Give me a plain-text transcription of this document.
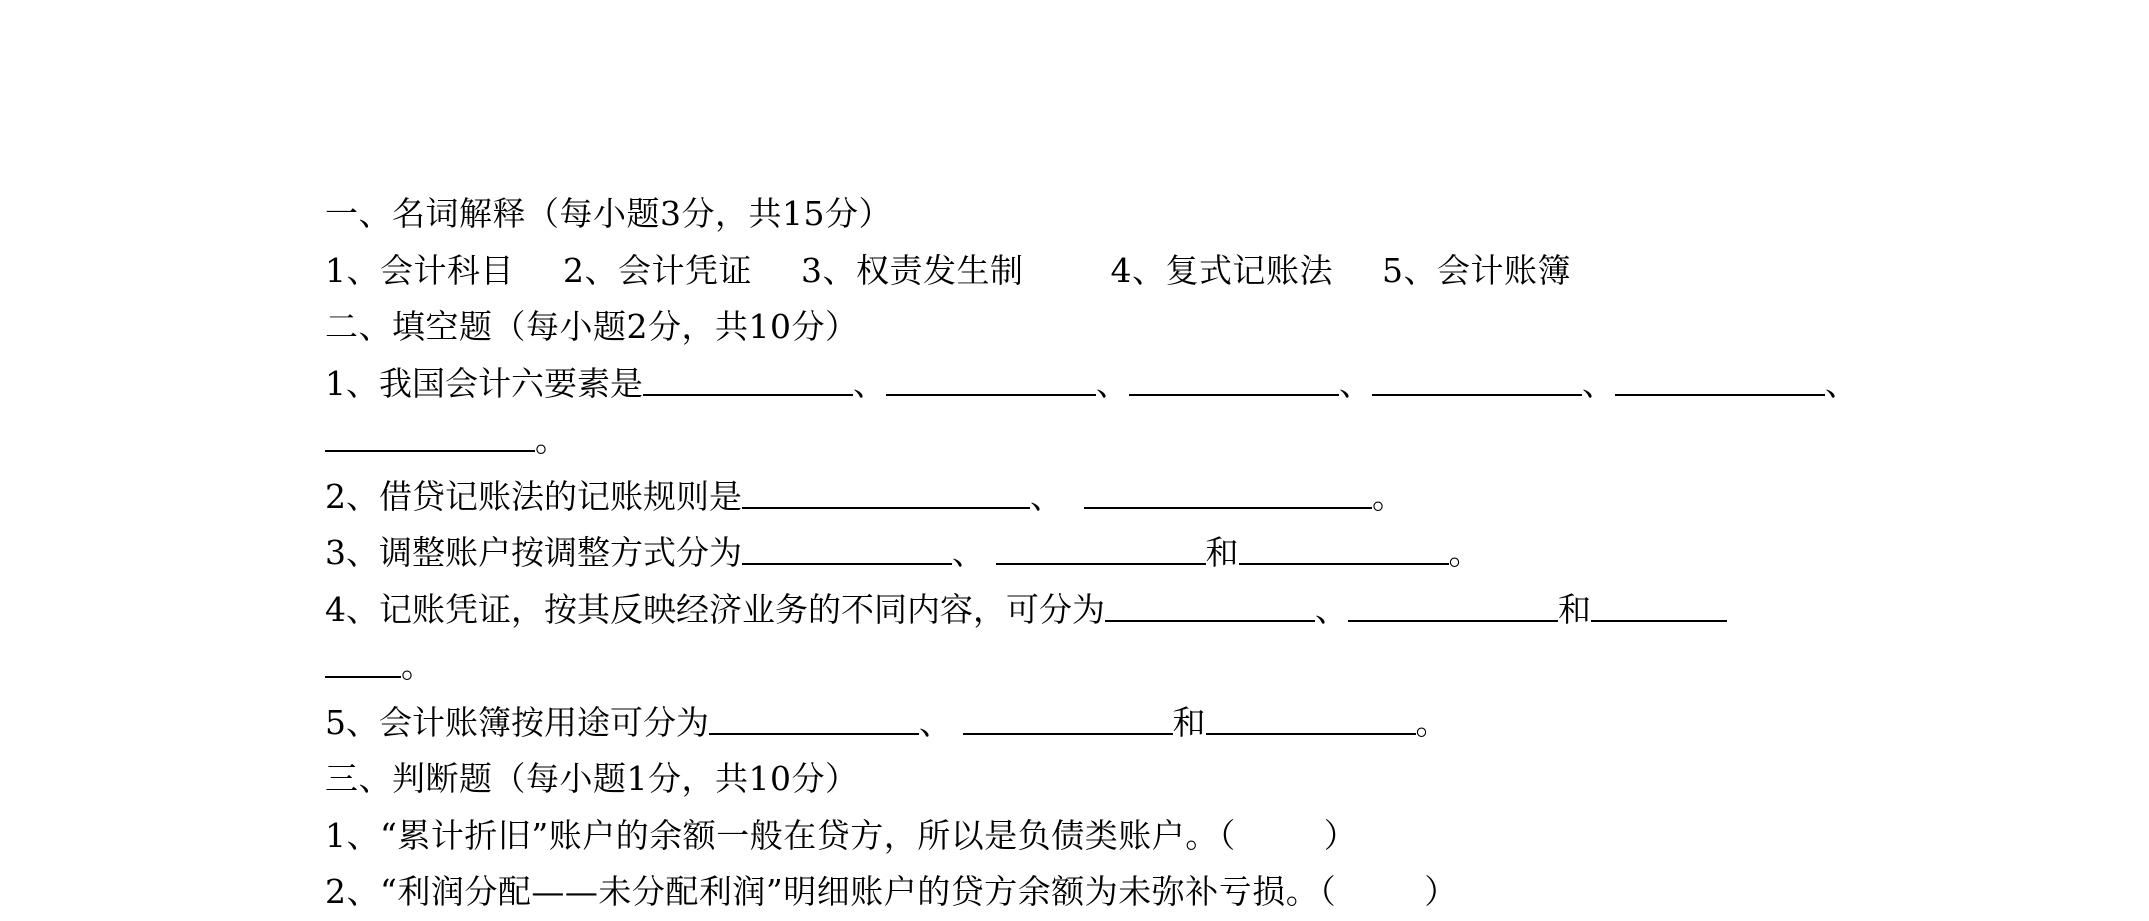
一、名词解释（每小题3分，共15分）
1、会计科目 2、会计凭证 3、权责发生制	4、复式记账法 5、会计账簿
二、填空题（每小题2分，共10分）
1、我国会计六要素是	、	、	、	、	、
。
2、借贷记账法的记账规则是	、	。
3、调整账户按调整方式分为	、	和	。
4、记账凭证，按其反映经济业务的不同内容，可分为	、	和
。
5、会计账簿按用途可分为	、	和	。
三、判断题（每小题1分，共10分）
1、“累计折旧”账户的余额一般在贷方，所以是负债类账户。（	）
2、“利润分配——未分配利润”明细账户的贷方余额为未弥补亏损。（	）
